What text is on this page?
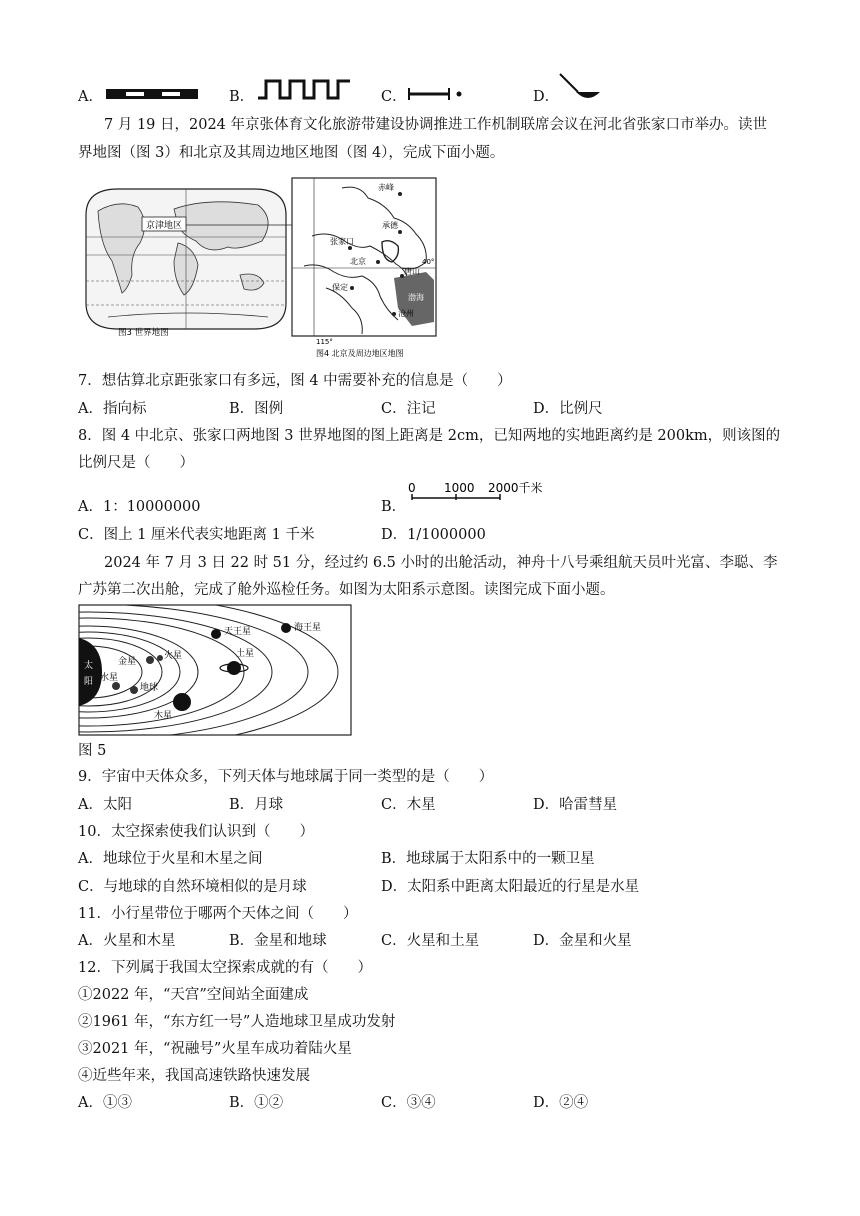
A．	B．	C．	D．
7 月 19 日，2024 年京张体育文化旅游带建设协调推进工作机制联席会议在河北省张家口市举办。读世
界地图（图 3）和北京及其周边地区地图（图 4），完成下面小题。
京津地区
图3 世界地图
赤峰
承德
张家口
北京
唐山
保定
渤海
沧州
40°
115°
图4 北京及周边地区地图
7．想估算北京距张家口有多远，图 4 中需要补充的信息是（　　）
A．指向标	B．图例	C．注记	D．比例尺
8．图 4 中北京、张家口两地图 3 世界地图的图上距离是 2cm，已知两地的实地距离约是 200km，则该图的
比例尺是（　　）
A．1：10000000	B．
0 1000 2000千米
C．图上 1 厘米代表实地距离 1 千米	D．1/1000000
2024 年 7 月 3 日 22 时 51 分，经过约 6.5 小时的出舱活动，神舟十八号乘组航天员叶光富、李聪、李
广苏第二次出舱，完成了舱外巡检任务。如图为太阳系示意图。读图完成下面小题。
太
阳 水星
金星
地球
火星
木星
土星
天王星	海王星
图 5
9．宇宙中天体众多，下列天体与地球属于同一类型的是（　　）
A．太阳	B．月球	C．木星	D．哈雷彗星
10．太空探索使我们认识到（　　）
A．地球位于火星和木星之间	B．地球属于太阳系中的一颗卫星
C．与地球的自然环境相似的是月球	D．太阳系中距离太阳最近的行星是水星
11．小行星带位于哪两个天体之间（　　）
A．火星和木星	B．金星和地球	C．火星和土星	D．金星和火星
12．下列属于我国太空探索成就的有（　　）
①2022 年，“天宫”空间站全面建成
②1961 年，“东方红一号”人造地球卫星成功发射
③2021 年，“祝融号”火星车成功着陆火星
④近些年来，我国高速铁路快速发展
A．①③	B．①②	C．③④	D．②④
